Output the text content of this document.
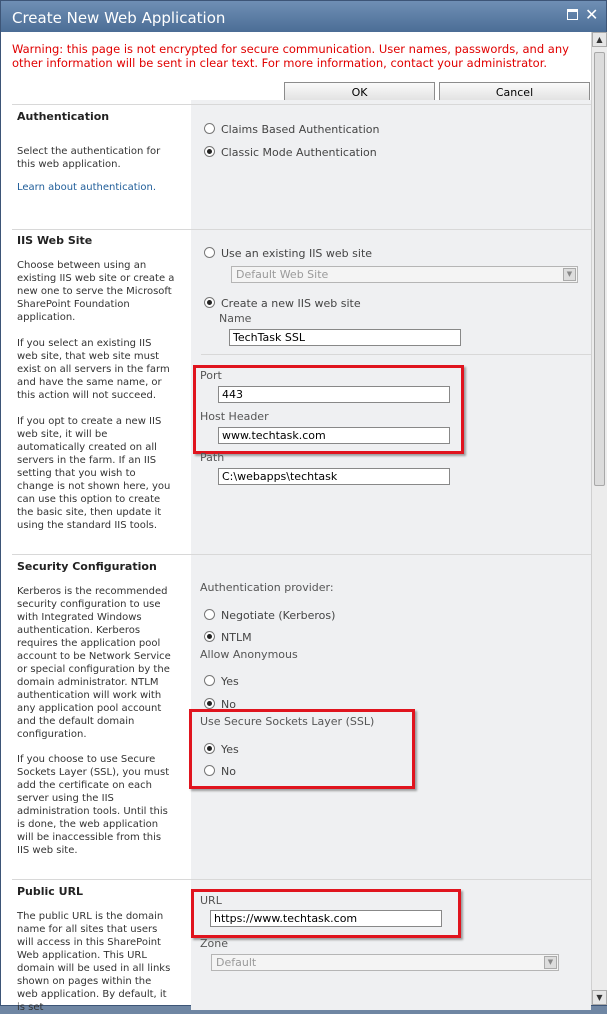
Create New Web Application	✕
Warning: this page is not encrypted for secure communication. User names, passwords, and any other information will be sent in clear text. For more information, contact your administrator.
OK	Cancel
Authentication
Select the authentication for this web application.
Learn about authentication.
Claims Based Authentication
Classic Mode Authentication
IIS Web Site
Choose between using an existing IIS web site or create a new one to serve the Microsoft SharePoint Foundation application.
If you select an existing IIS web site, that web site must exist on all servers in the farm and have the same name, or this action will not succeed.
If you opt to create a new IIS web site, it will be automatically created on all servers in the farm. If an IIS setting that you wish to change is not shown here, you can use this option to create the basic site, then update it using the standard IIS tools.
Use an existing IIS web site
Default Web Site	▼
Create a new IIS web site
Name
TechTask SSL
Port
443
Host Header
www.techtask.com
Path
C:\webapps\techtask
Security Configuration
Kerberos is the recommended security configuration to use with Integrated Windows authentication. Kerberos requires the application pool account to be Network Service or special configuration by the domain administrator. NTLM authentication will work with any application pool account and the default domain configuration.
If you choose to use Secure Sockets Layer (SSL), you must add the certificate on each server using the IIS administration tools. Until this is done, the web application will be inaccessible from this IIS web site.
Authentication provider:
Negotiate (Kerberos)
NTLM
Allow Anonymous
Yes
No
Use Secure Sockets Layer (SSL)
Yes
No
Public URL
The public URL is the domain name for all sites that users will access in this SharePoint Web application. This URL domain will be used in all links shown on pages within the web application. By default, it is set
URL
https://www.techtask.com
Zone
Default	▼
▲
▼
